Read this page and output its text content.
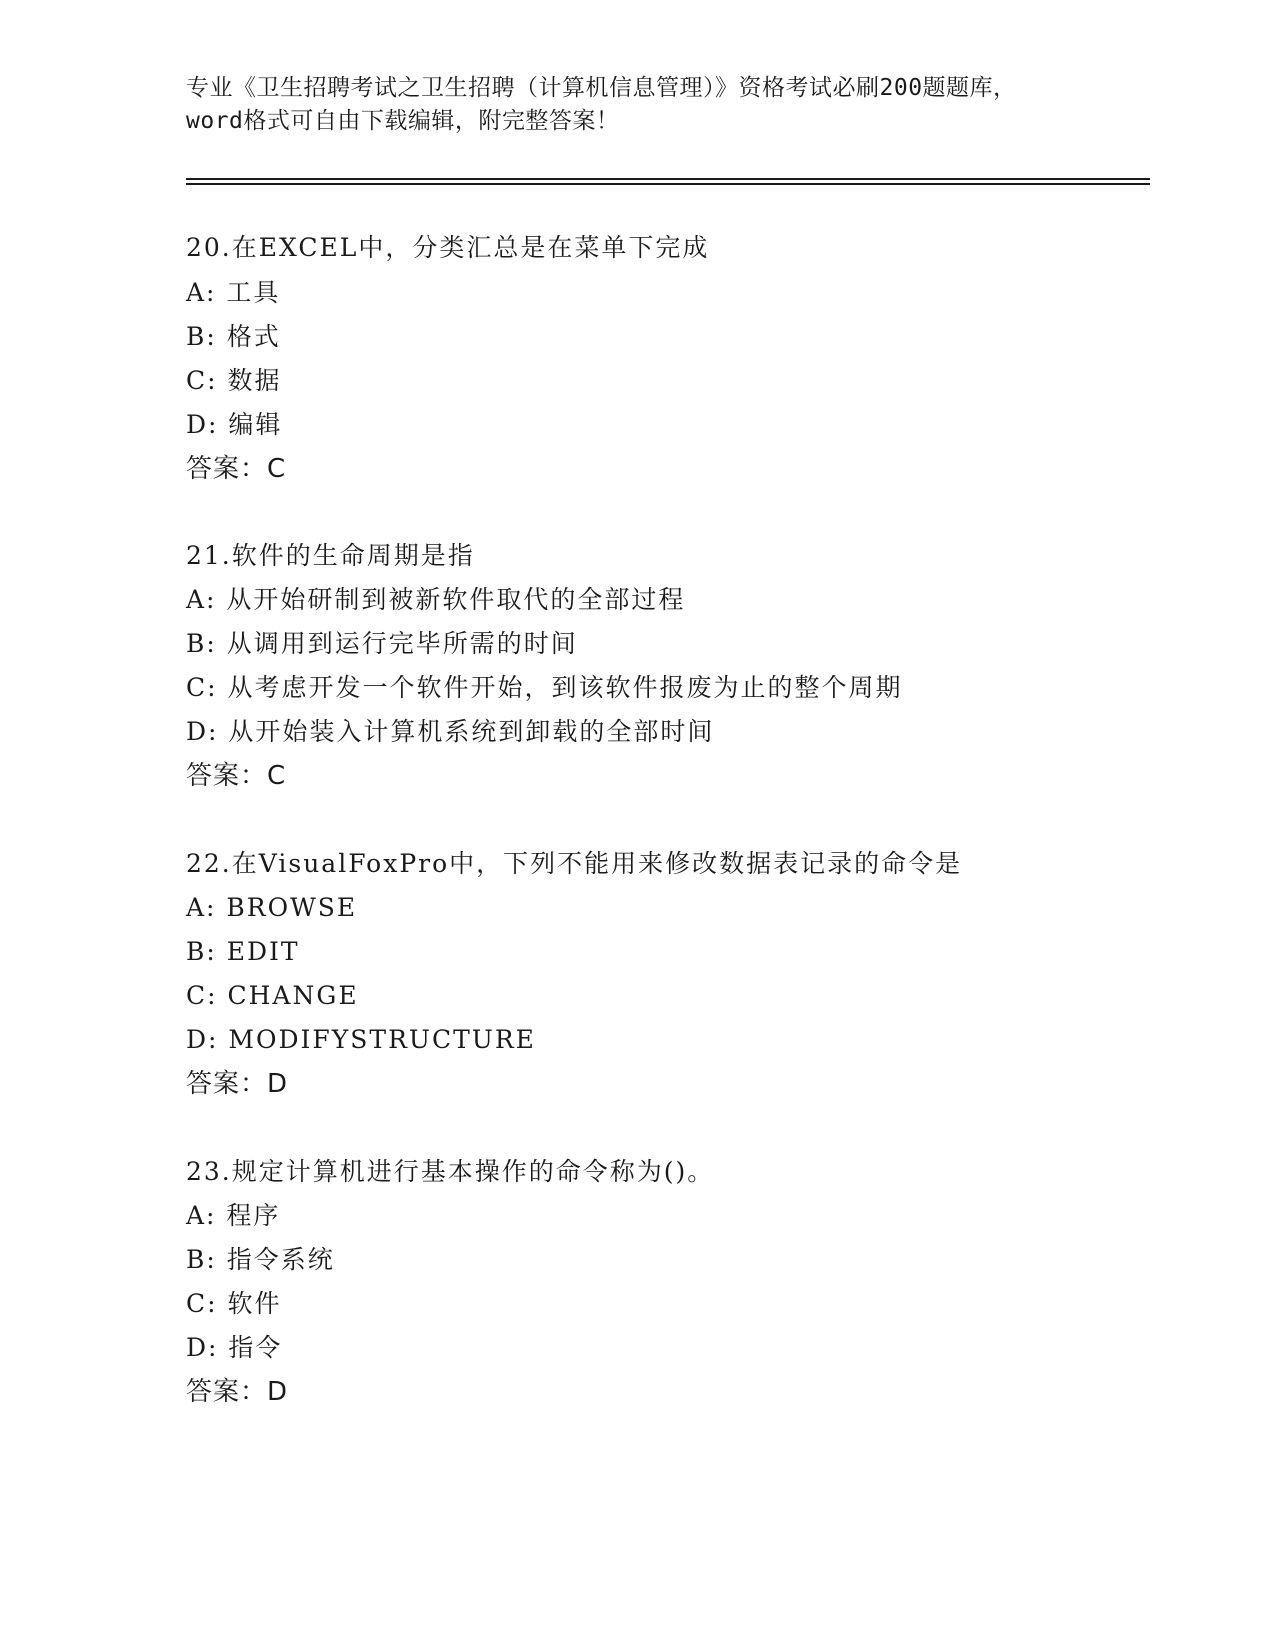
专业《卫生招聘考试之卫生招聘（计算机信息管理）》资格考试必刷200题题库，
word格式可自由下载编辑，附完整答案！
20.在EXCEL中，分类汇总是在菜单下完成
A: 工具
B: 格式
C: 数据
D: 编辑
答案：C
21.软件的生命周期是指
A: 从开始研制到被新软件取代的全部过程
B: 从调用到运行完毕所需的时间
C: 从考虑开发一个软件开始，到该软件报废为止的整个周期
D: 从开始装入计算机系统到卸载的全部时间
答案：C
22.在VisualFoxPro中，下列不能用来修改数据表记录的命令是
A: BROWSE
B: EDIT
C: CHANGE
D: MODIFYSTRUCTURE
答案：D
23.规定计算机进行基本操作的命令称为()。
A: 程序
B: 指令系统
C: 软件
D: 指令
答案：D
